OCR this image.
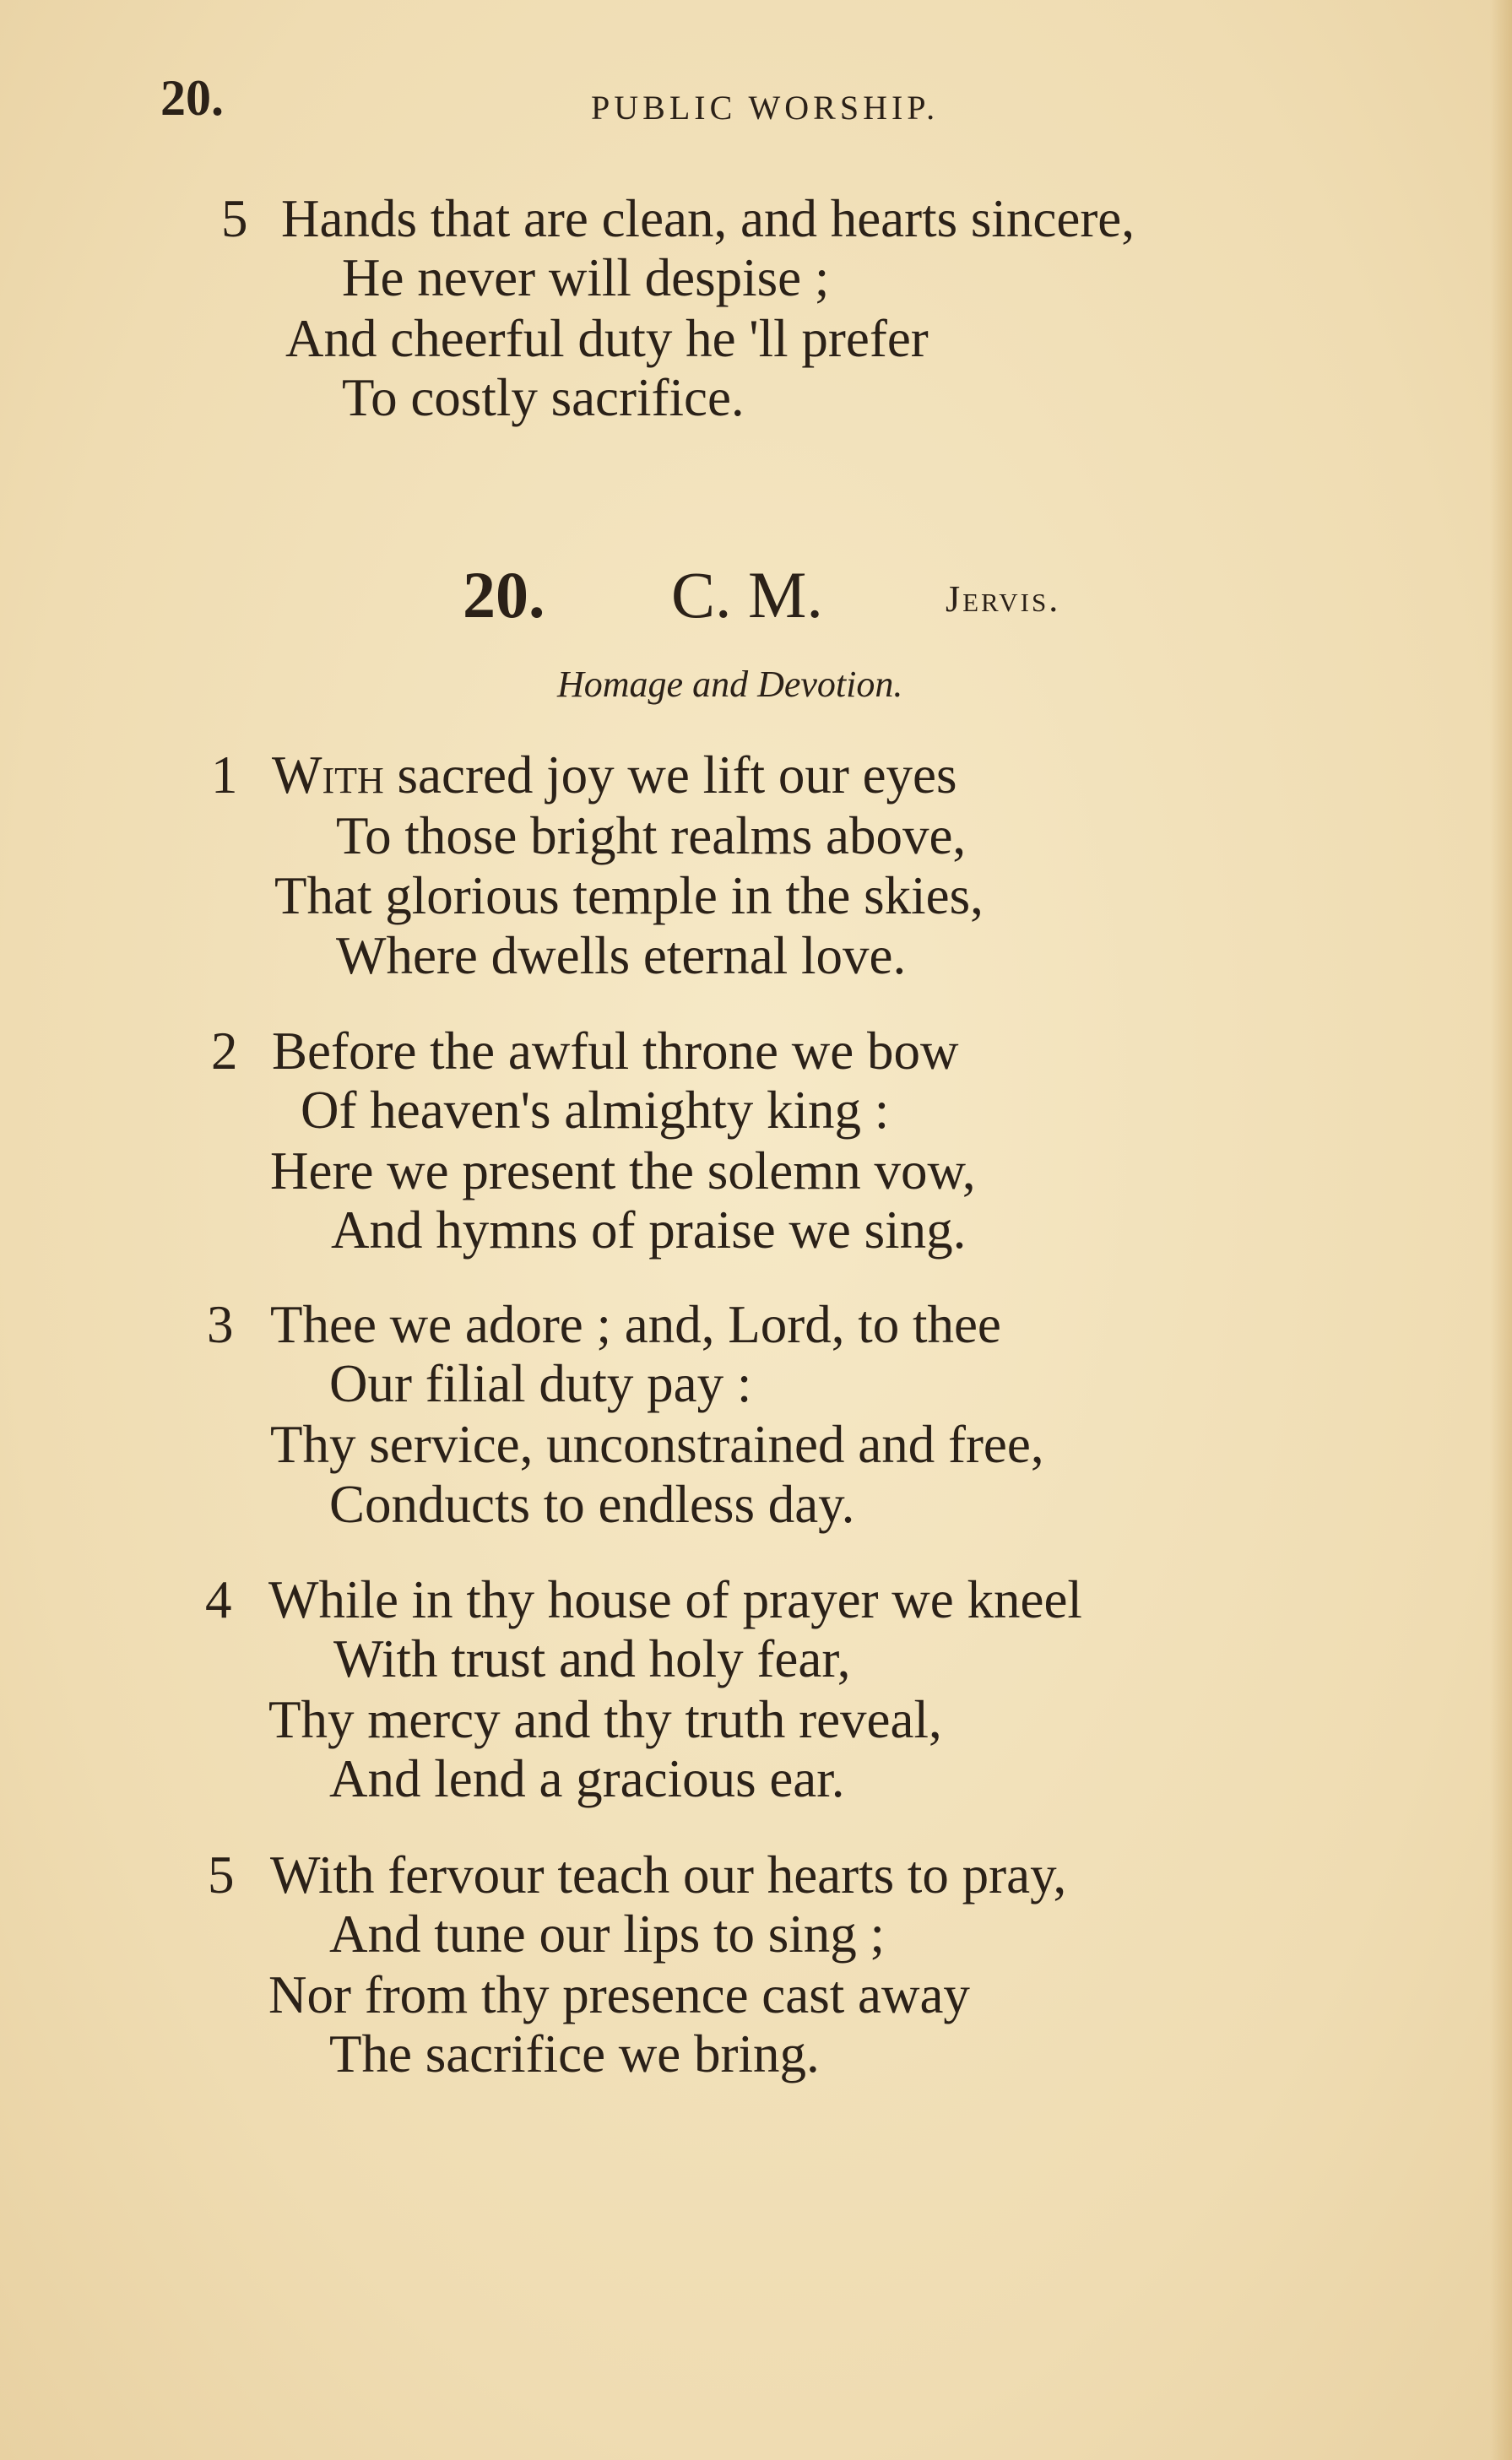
20.	PUBLIC WORSHIP.
5 Hands that are clean, and hearts sincere,
He never will despise ;
And cheerful duty he 'll prefer
To costly sacrifice.
20. C. M.	Jervis.
Homage and Devotion.
1 With sacred joy we lift our eyes
To those bright realms above,
That glorious temple in the skies,
Where dwells eternal love.
2 Before the awful throne we bow
Of heaven's almighty king :
Here we present the solemn vow,
And hymns of praise we sing.
3 Thee we adore ; and, Lord, to thee
Our filial duty pay :
Thy service, unconstrained and free,
Conducts to endless day.
4 While in thy house of prayer we kneel
With trust and holy fear,
Thy mercy and thy truth reveal,
And lend a gracious ear.
5 With fervour teach our hearts to pray,
And tune our lips to sing ;
Nor from thy presence cast away
The sacrifice we bring.
